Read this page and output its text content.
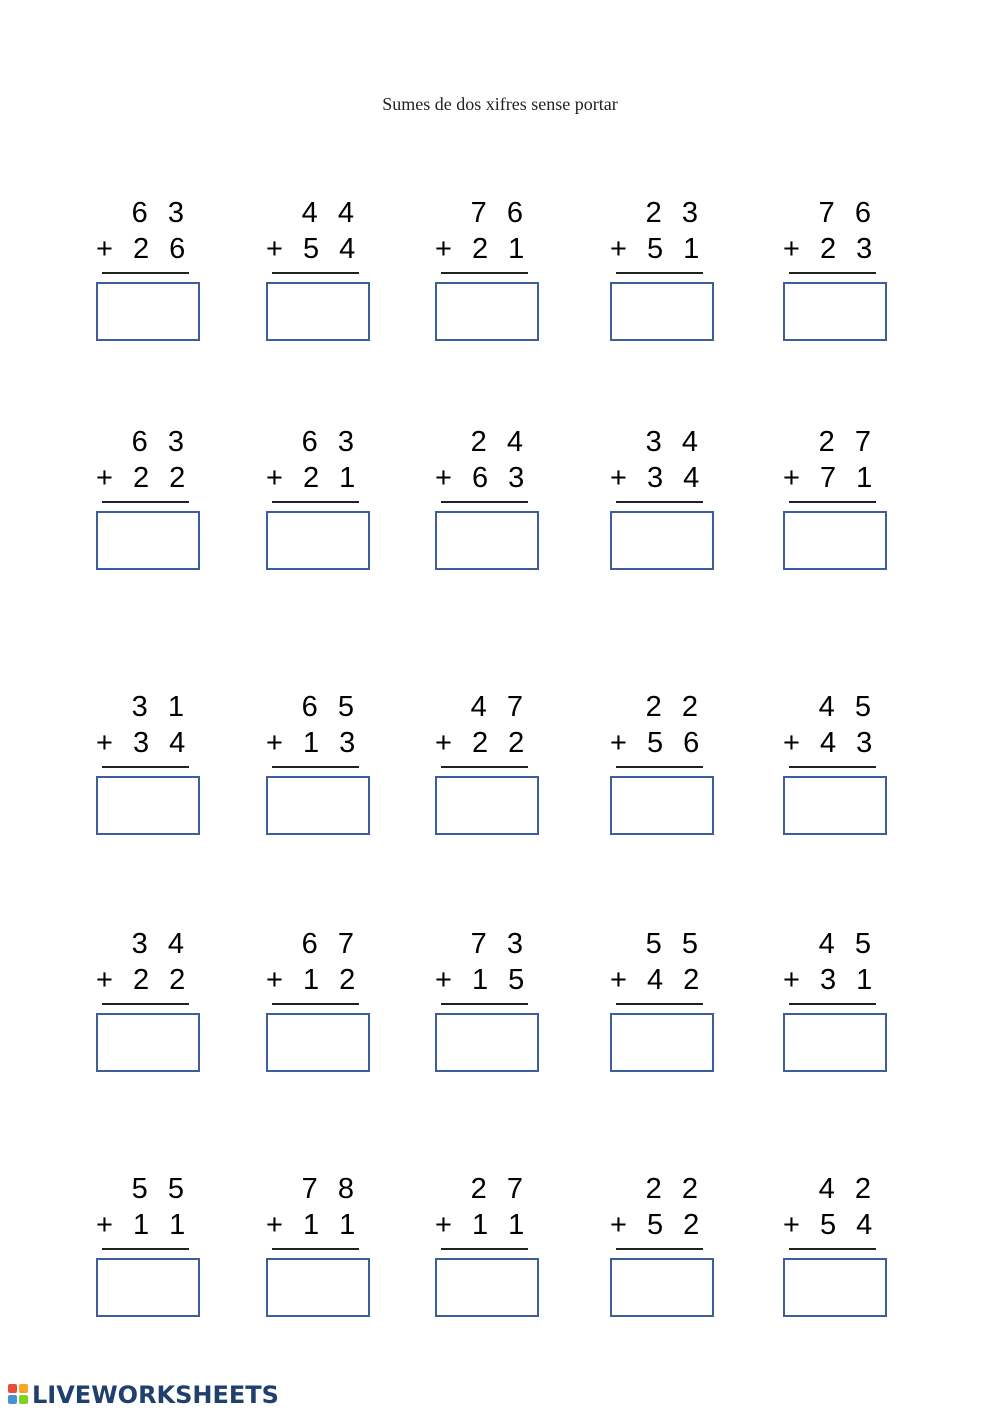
Sumes de dos xifres sense portar
6 3
+ 2 6
4 4
+ 5 4
7 6
+ 2 1
2 3
+ 5 1
7 6
+ 2 3
6 3
+ 2 2
6 3
+ 2 1
2 4
+ 6 3
3 4
+ 3 4
2 7
+ 7 1
3 1
+ 3 4
6 5
+ 1 3
4 7
+ 2 2
2 2
+ 5 6
4 5
+ 4 3
3 4
+ 2 2
6 7
+ 1 2
7 3
+ 1 5
5 5
+ 4 2
4 5
+ 3 1
5 5
+ 1 1
7 8
+ 1 1
2 7
+ 1 1
2 2
+ 5 2
4 2
+ 5 4
LIVEWORKSHEETS
